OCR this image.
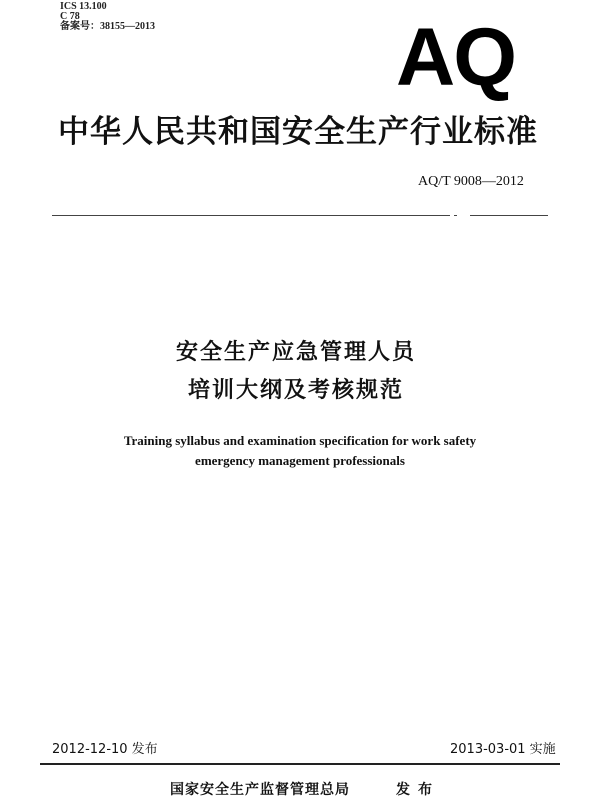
ICS 13.100
C 78
备案号：38155—2013	AQ
中华人民共和国安全生产行业标准
AQ/T 9008—2012
安全生产应急管理人员
培训大纲及考核规范
Training syllabus and examination specification for work safety
emergency management professionals
2012-12-10 发布	2013-03-01 实施
国家安全生产监督管理总局	发布
